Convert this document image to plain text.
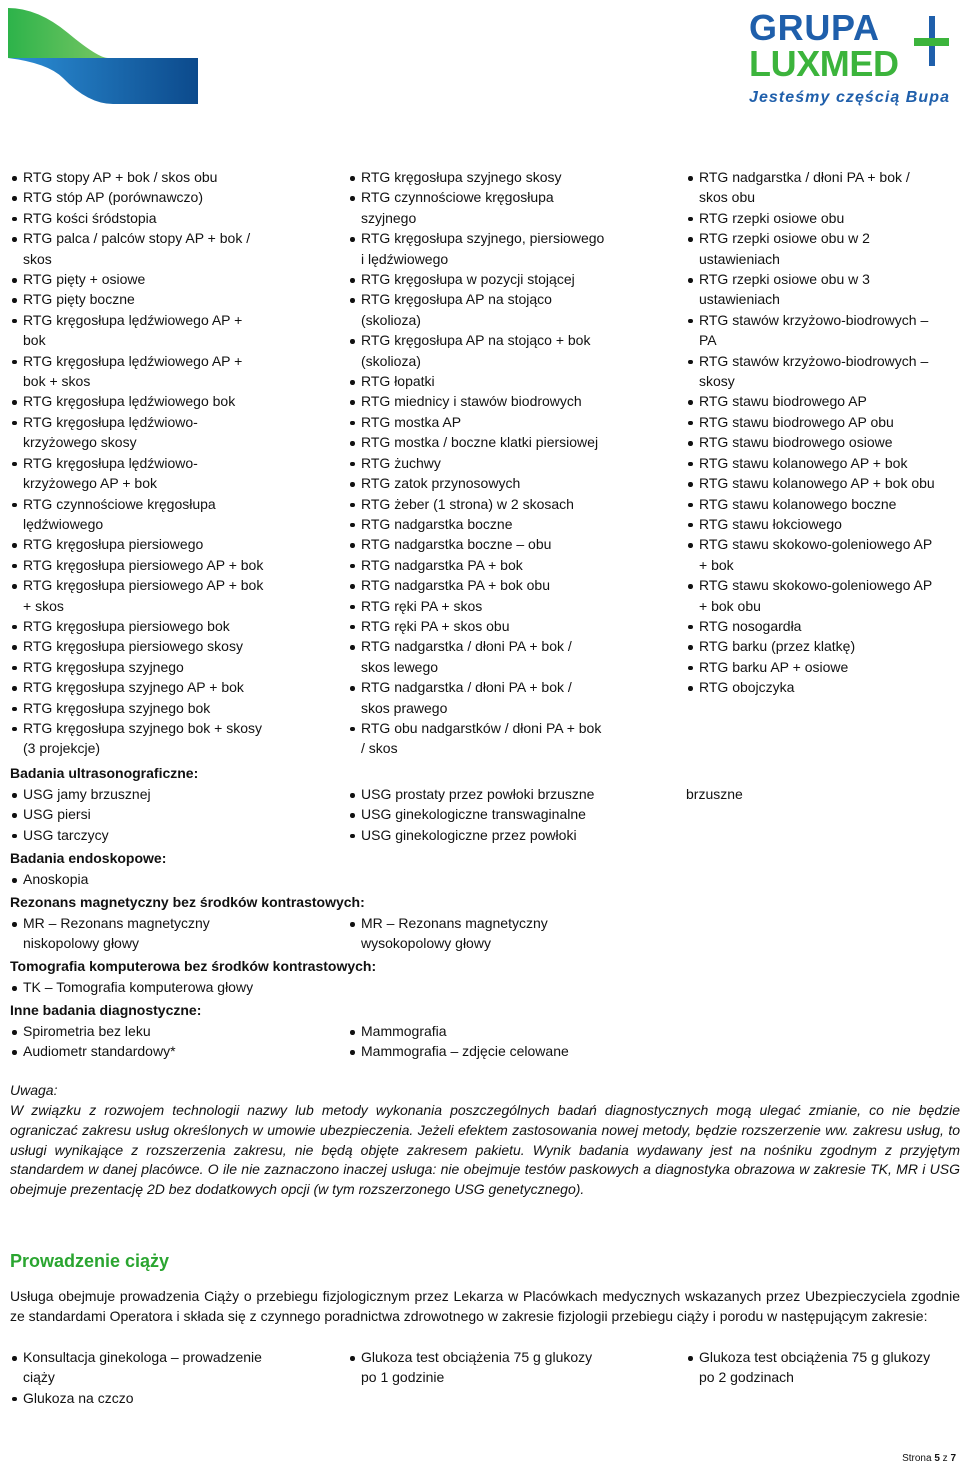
GRUPA
LUXMED
Jesteśmy częścią Bupa
RTG stopy AP + bok / skos obu
RTG stóp AP (porównawczo)
RTG kości śródstopia
RTG palca / palców stopy AP + bok /
skos
RTG pięty + osiowe
RTG pięty boczne
RTG kręgosłupa lędźwiowego AP +
bok
RTG kręgosłupa lędźwiowego AP +
bok + skos
RTG kręgosłupa lędźwiowego bok
RTG kręgosłupa lędźwiowo-
krzyżowego skosy
RTG kręgosłupa lędźwiowo-
krzyżowego AP + bok
RTG czynnościowe kręgosłupa
lędźwiowego
RTG kręgosłupa piersiowego
RTG kręgosłupa piersiowego AP + bok
RTG kręgosłupa piersiowego AP + bok
+ skos
RTG kręgosłupa piersiowego bok
RTG kręgosłupa piersiowego skosy
RTG kręgosłupa szyjnego
RTG kręgosłupa szyjnego AP + bok
RTG kręgosłupa szyjnego bok
RTG kręgosłupa szyjnego bok + skosy
(3 projekcje)
RTG kręgosłupa szyjnego skosy
RTG czynnościowe kręgosłupa
szyjnego
RTG kręgosłupa szyjnego, piersiowego
i lędźwiowego
RTG kręgosłupa w pozycji stojącej
RTG kręgosłupa AP na stojąco
(skolioza)
RTG kręgosłupa AP na stojąco + bok
(skolioza)
RTG łopatki
RTG miednicy i stawów biodrowych
RTG mostka AP
RTG mostka / boczne klatki piersiowej
RTG żuchwy
RTG zatok przynosowych
RTG żeber (1 strona) w 2 skosach
RTG nadgarstka boczne
RTG nadgarstka boczne – obu
RTG nadgarstka PA + bok
RTG nadgarstka PA + bok obu
RTG ręki PA + skos
RTG ręki PA + skos obu
RTG nadgarstka / dłoni PA + bok /
skos lewego
RTG nadgarstka / dłoni PA + bok /
skos prawego
RTG obu nadgarstków / dłoni PA + bok
/ skos
RTG nadgarstka / dłoni PA + bok /
skos obu
RTG rzepki osiowe obu
RTG rzepki osiowe obu w 2
ustawieniach
RTG rzepki osiowe obu w 3
ustawieniach
RTG stawów krzyżowo-biodrowych –
PA
RTG stawów krzyżowo-biodrowych –
skosy
RTG stawu biodrowego AP
RTG stawu biodrowego AP obu
RTG stawu biodrowego osiowe
RTG stawu kolanowego AP + bok
RTG stawu kolanowego AP + bok obu
RTG stawu kolanowego boczne
RTG stawu łokciowego
RTG stawu skokowo-goleniowego AP
+ bok
RTG stawu skokowo-goleniowego AP
+ bok obu
RTG nosogardła
RTG barku (przez klatkę)
RTG barku AP + osiowe
RTG obojczyka
Badania ultrasonograficzne:
USG jamy brzusznej
USG piersi
USG tarczycy
USG prostaty przez powłoki brzuszne
USG ginekologiczne transwaginalne
USG ginekologiczne przez powłoki
brzuszne
Badania endoskopowe:
Anoskopia
Rezonans magnetyczny bez środków kontrastowych:
MR – Rezonans magnetyczny
niskopolowy głowy
MR – Rezonans magnetyczny
wysokopolowy głowy
Tomografia komputerowa bez środków kontrastowych:
TK – Tomografia komputerowa głowy
Inne badania diagnostyczne:
Spirometria bez leku
Audiometr standardowy*
Mammografia
Mammografia – zdjęcie celowane
Uwaga:
W związku z rozwojem technologii nazwy lub metody wykonania poszczególnych badań diagnostycznych mogą ulegać zmianie, co nie będzie ograniczać zakresu usług określonych w umowie ubezpieczenia. Jeżeli efektem zastosowania nowej metody, będzie rozszerzenie ww. zakresu usług, to usługi wynikające z rozszerzenia zakresu, nie będą objęte zakresem pakietu. Wynik badania wydawany jest na nośniku zgodnym z przyjętym standardem w danej placówce. O ile nie zaznaczono inaczej usługa: nie obejmuje testów paskowych a diagnostyka obrazowa w zakresie TK, MR i USG obejmuje prezentację 2D bez dodatkowych opcji (w tym rozszerzonego USG genetycznego).
Prowadzenie ciąży
Usługa obejmuje prowadzenia Ciąży o przebiegu fizjologicznym przez Lekarza w Placówkach medycznych wskazanych przez Ubezpieczyciela zgodnie ze standardami Operatora i składa się z czynnego poradnictwa zdrowotnego w zakresie fizjologii przebiegu ciąży i porodu w następującym zakresie:
Konsultacja ginekologa – prowadzenie
ciąży
Glukoza na czczo
Glukoza test obciążenia 75 g glukozy
po 1 godzinie
Glukoza test obciążenia 75 g glukozy
po 2 godzinach
Strona 5 z 7
